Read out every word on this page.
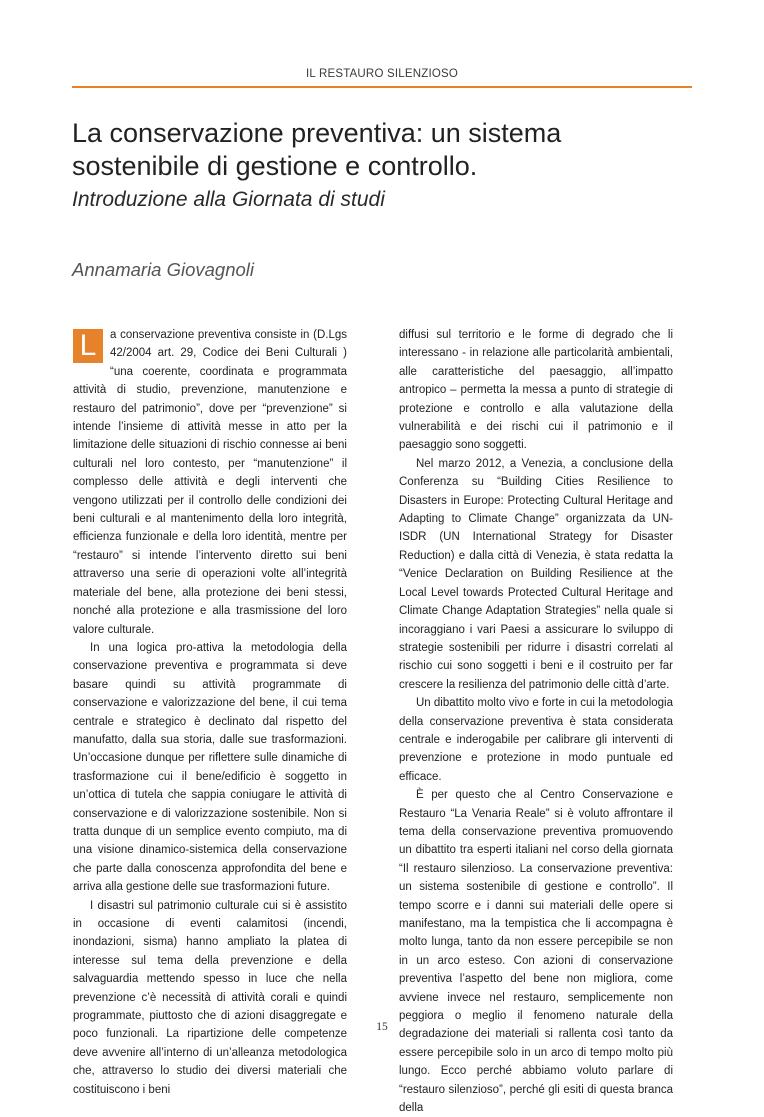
IL RESTAURO SILENZIOSO
La conservazione preventiva: un sistema sostenibile di gestione e controllo.
Introduzione alla Giornata di studi
Annamaria Giovagnoli

L	a conservazione preventiva consiste in (D.Lgs 42/2004 art. 29, Codice dei Beni Culturali ) “una coerente, coordinata e programmata attività di studio, prevenzione, manutenzione e restauro del patrimonio”, dove per “prevenzione” si intende l’insieme di attività messe in atto per la limitazione delle situazioni di rischio connesse ai beni culturali nel loro contesto, per “manutenzione” il complesso delle attività e degli interventi che vengono utilizzati per il controllo delle condizioni dei beni culturali e al mantenimento della loro integrità, efficienza funzionale e della loro identità, mentre per “restauro” si intende l’intervento diretto sui beni attraverso una serie di operazioni volte all’integrità materiale del bene, alla protezione dei beni stessi, nonché alla protezione e alla trasmissione del loro valore culturale.

In una logica pro-attiva la metodologia della conservazione preventiva e programmata si deve basare quindi su attività programmate di conservazione e valorizzazione del bene, il cui tema centrale e strategico è declinato dal rispetto del manufatto, dalla sua storia, dalle sue trasformazioni. Un’occasione dunque per riflettere sulle dinamiche di trasformazione cui il bene/edificio è soggetto in un’ottica di tutela che sappia coniugare le attività di conservazione e di valorizzazione sostenibile. Non si tratta dunque di un semplice evento compiuto, ma di una visione dinamico-sistemica della conservazione che parte dalla conoscenza approfondita del bene e arriva alla gestione delle sue trasformazioni future.

I disastri sul patrimonio culturale cui si è assistito in occasione di eventi calamitosi (incendi, inondazioni, sisma) hanno ampliato la platea di interesse sul tema della prevenzione e della salvaguardia mettendo spesso in luce che nella prevenzione c’è necessità di attività corali e quindi programmate, piuttosto che di azioni disaggregate e poco funzionali. La ripartizione delle competenze deve avvenire all’interno di un’alleanza metodologica che, attraverso lo studio dei diversi materiali che costituiscono i beni

diffusi sul territorio e le forme di degrado che li interessano - in relazione alle particolarità ambientali, alle caratteristiche del paesaggio, all’impatto antropico – permetta la messa a punto di strategie di protezione e controllo e alla valutazione della vulnerabilità e dei rischi cui il patrimonio e il paesaggio sono soggetti.

Nel marzo 2012, a Venezia, a conclusione della Conferenza su “Building Cities Resilience to Disasters in Europe: Protecting Cultural Heritage and Adapting to Climate Change” organizzata da UN-ISDR (UN International Strategy for Disaster Reduction) e dalla città di Venezia, è stata redatta la “Venice Declaration on Building Resilience at the Local Level towards Protected Cultural Heritage and Climate Change Adaptation Strategies” nella quale si incoraggiano i vari Paesi a assicurare lo sviluppo di strategie sostenibili per ridurre i disastri correlati al rischio cui sono soggetti i beni e il costruito per far crescere la resilienza del patrimonio delle città d’arte.

Un dibattito molto vivo e forte in cui la metodologia della conservazione preventiva è stata considerata centrale e inderogabile per calibrare gli interventi di prevenzione e protezione in modo puntuale ed efficace.

È per questo che al Centro Conservazione e Restauro “La Venaria Reale” si è voluto affrontare il tema della conservazione preventiva promuovendo un dibattito tra esperti italiani nel corso della giornata “Il restauro silenzioso. La conservazione preventiva: un sistema sostenibile di gestione e controllo”. Il tempo scorre e i danni sui materiali delle opere si manifestano, ma la tempistica che li accompagna è molto lunga, tanto da non essere percepibile se non in un arco esteso. Con azioni di conservazione preventiva l’aspetto del bene non migliora, come avviene invece nel restauro, semplicemente non peggiora o meglio il fenomeno naturale della degradazione dei materiali si rallenta così tanto da essere percepibile solo in un arco di tempo molto più lungo. Ecco perché abbiamo voluto parlare di “restauro silenzioso”, perché gli esiti di questa branca della

15
